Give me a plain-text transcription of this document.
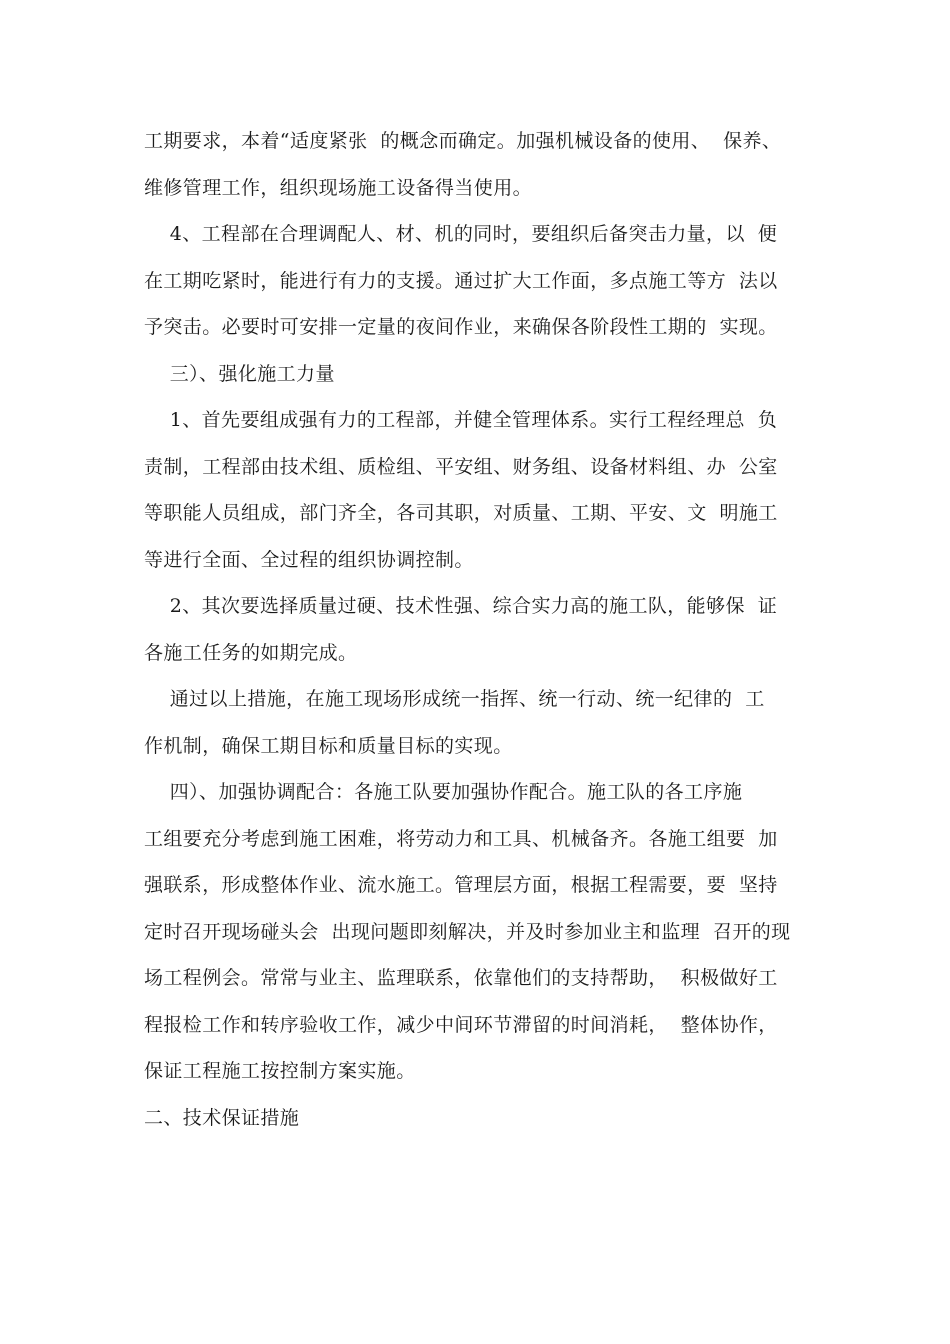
工期要求，本着“适度紧张  的概念而确定。加强机械设备的使用、  保养、
维修管理工作，组织现场施工设备得当使用。

4、工程部在合理调配人、材、机的同时，要组织后备突击力量，以  便
在工期吃紧时，能进行有力的支援。通过扩大工作面，多点施工等方  法以
予突击。必要时可安排一定量的夜间作业，来确保各阶段性工期的  实现。

三）、强化施工力量

1、首先要组成强有力的工程部，并健全管理体系。实行工程经理总  负
责制，工程部由技术组、质检组、平安组、财务组、设备材料组、办  公室
等职能人员组成，部门齐全，各司其职，对质量、工期、平安、文  明施工
等进行全面、全过程的组织协调控制。

2、其次要选择质量过硬、技术性强、综合实力高的施工队，能够保  证
各施工任务的如期完成。

通过以上措施，在施工现场形成统一指挥、统一行动、统一纪律的  工
作机制，确保工期目标和质量目标的实现。

四）、加强协调配合：各施工队要加强协作配合。施工队的各工序施
工组要充分考虑到施工困难，将劳动力和工具、机械备齐。各施工组要  加
强联系，形成整体作业、流水施工。管理层方面，根据工程需要，要  坚持
定时召开现场碰头会  出现问题即刻解决，并及时参加业主和监理  召开的现
场工程例会。常常与业主、监理联系，依靠他们的支持帮助，  积极做好工
程报检工作和转序验收工作，减少中间环节滞留的时间消耗，  整体协作，
保证工程施工按控制方案实施。

二、技术保证措施
